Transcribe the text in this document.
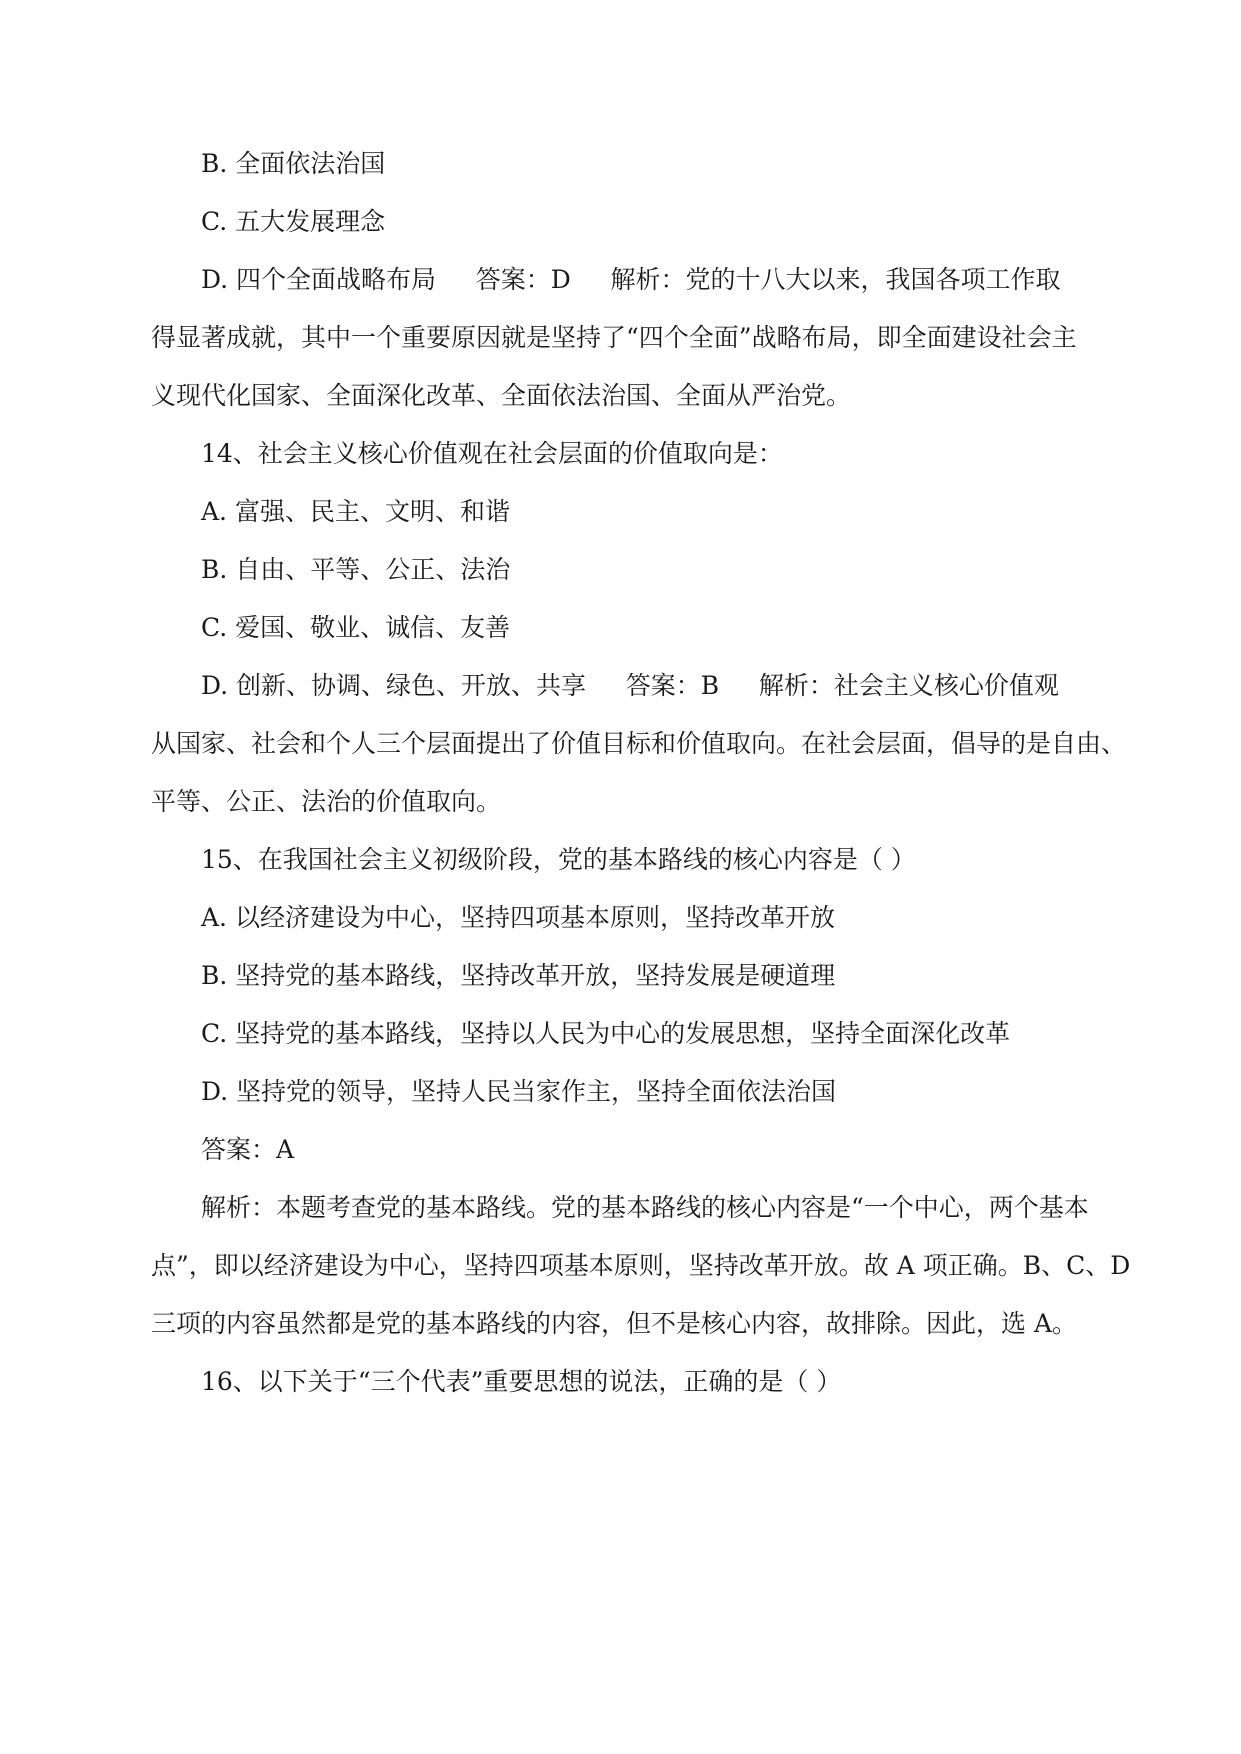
B. 全面依法治国
C. 五大发展理念
D. 四个全面战略布局     答案：D     解析：党的十八大以来，我国各项工作取
得显著成就，其中一个重要原因就是坚持了“四个全面”战略布局，即全面建设社会主
义现代化国家、全面深化改革、全面依法治国、全面从严治党。
14、社会主义核心价值观在社会层面的价值取向是：
A. 富强、民主、文明、和谐
B. 自由、平等、公正、法治
C. 爱国、敬业、诚信、友善
D. 创新、协调、绿色、开放、共享     答案：B     解析：社会主义核心价值观
从国家、社会和个人三个层面提出了价值目标和价值取向。在社会层面，倡导的是自由、
平等、公正、法治的价值取向。
15、在我国社会主义初级阶段，党的基本路线的核心内容是（ ）
A. 以经济建设为中心，坚持四项基本原则，坚持改革开放
B. 坚持党的基本路线，坚持改革开放，坚持发展是硬道理
C. 坚持党的基本路线，坚持以人民为中心的发展思想，坚持全面深化改革
D. 坚持党的领导，坚持人民当家作主，坚持全面依法治国
答案：A
解析：本题考查党的基本路线。党的基本路线的核心内容是“一个中心，两个基本
点”，即以经济建设为中心，坚持四项基本原则，坚持改革开放。故 A 项正确。B、C、D
三项的内容虽然都是党的基本路线的内容，但不是核心内容，故排除。因此，选 A。
16、以下关于“三个代表”重要思想的说法，正确的是（ ）
